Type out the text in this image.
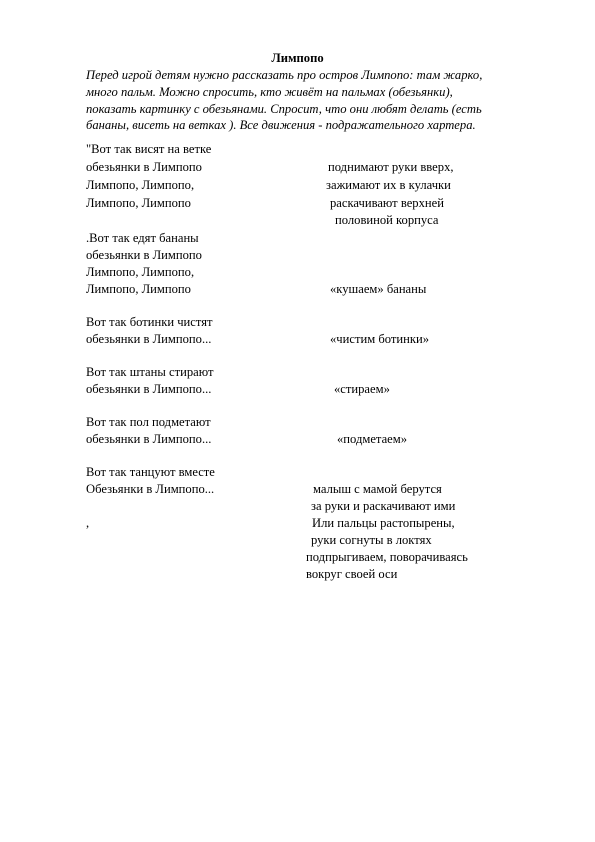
Лимпопо
Перед игрой детям нужно рассказать про остров Лимпопо: там жарко,
много пальм. Можно спросить, кто живёт на пальмах (обезьянки),
показать картинку с обезьянами. Спросит, что они любят делать (есть
бананы, висеть на ветках ). Все движения - подражательного хартера.
"Вот так висят на ветке
обезьянки в Лимпопо	поднимают руки вверх,
Лимпопо, Лимпопо,	зажимают их в кулачки
Лимпопо, Лимпопо	раскачивают верхней
половиной корпуса
.Вот так едят бананы
обезьянки в Лимпопо
Лимпопо, Лимпопо,
Лимпопо, Лимпопо	«кушаем» бананы
Вот так ботинки чистят
обезьянки в Лимпопо...	«чистим ботинки»
Вот так штаны стирают
обезьянки в Лимпопо...	«стираем»
Вот так пол подметают
обезьянки в Лимпопо...	«подметаем»
Вот так танцуют вместе
Обезьянки в Лимпопо...	малыш с мамой берутся
за руки и раскачивают ими
,	Или пальцы растопырены,
руки согнуты в локтях
подпрыгиваем, поворачиваясь
вокруг своей оси
